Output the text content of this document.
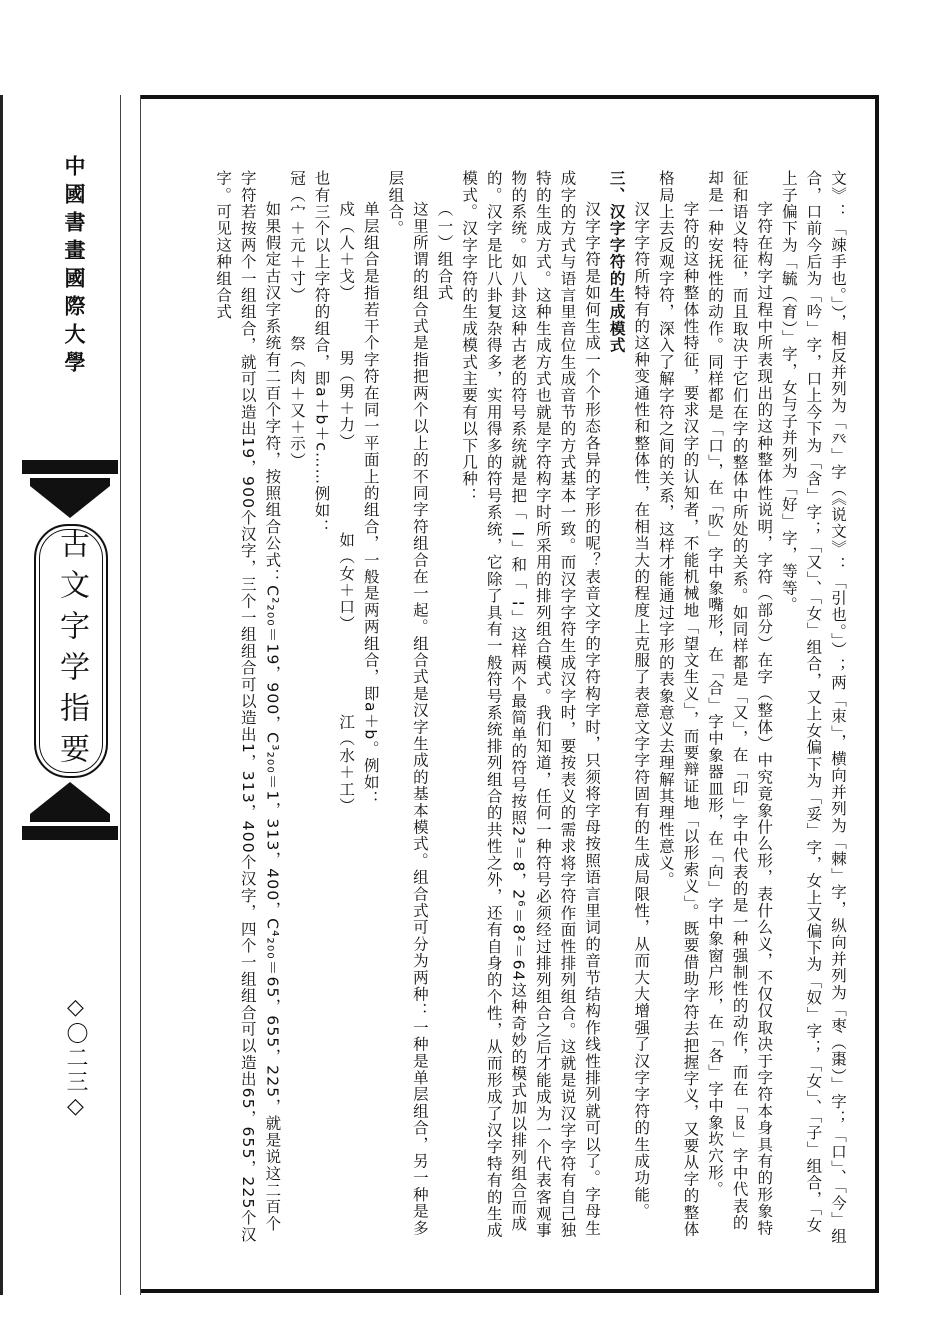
中國書畫國際大學
古文字学指要
◇〇二三◇	文》：「竦手也。」），相反并列为「癶」字（《说文》：「引也。」）；两「朿」，横向并列为「棘」字，纵向并列为「枣（棗）」字；「口」、「今」组合，口前今后为「吟」字，口上今下为「含」字；「又」、「女」组合，又上女偏下为「妥」字，女上又偏下为「奴」字；「女」、「子」组合，「女上子偏下为「毓（育）」字，女与子并列为「好」字，等等。

字符在构字过程中所表现出的这种整体性说明，字符（部分）在字（整体）中究竟象什么形，表什么义，不仅仅取决于字符本身具有的形象特征和语义特征，而且取决于它们在字的整体中所处的关系。如同样都是「又」，在「印」字中代表的是一种强制性的动作，而在「𠬝」字中代表的却是一种安抚性的动作。同样都是「口」，在「吹」字中象嘴形，在「合」字中象器皿形，在「向」字中象窗户形，在「各」字中象坎穴形。

字符的这种整体性特征，要求汉字的认知者，不能机械地「望文生义」，而要辩证地「以形索义」。既要借助字符去把握字义，又要从字的整体格局上去反观字符，深入了解字符之间的关系，这样才能通过字形的表象意义去理解其理性意义。

汉字字符所特有的这种变通性和整体性，在相当大的程度上克服了表意文字字符固有的生成局限性，从而大大增强了汉字字符的生成功能。

三、汉字字符的生成模式

汉字字符是如何生成一个个形态各异的字形的呢？表音文字的字符构字时，只须将字母按照语言里词的音节结构作线性排列就可以了。字母生成字的方式与语言里音位生成音节的方式基本一致。而汉字字符生成汉字时，要按表义的需求将字符作面性排列组合。这就是说汉字字符有自己独特的生成方式。这种生成方式也就是字符构字时所采用的排列组合模式。我们知道，任何一种符号必须经过排列组合之后才能成为一个代表客观事物的系统。如八卦这种古老的符号系统就是把「⚊」和「⚋」这样两个最简单的符号按照2³＝8，2⁶＝8²＝64这种奇妙的模式加以排列组合而成的。汉字是比八卦复杂得多，实用得多的符号系统，它除了具有一般符号系统排列组合的共性之外，还有自身的个性，从而形成了汉字特有的生成模式。汉字字符的生成模式主要有以下几种：

（一）组合式

这里所谓的组合式是指把两个以上的不同字符组合在一起。组合式是汉字生成的基本模式。组合式可分为两种：一种是单层组合，另一种是多层组合。

单层组合是指若干个字符在同一平面上的组合，一般是两两组合，即a＋b。例如：

戍（人＋戈）　　　 男（男＋力）　　　　　 如（女＋口）　　　　　 江（水＋工）

也有三个以上字符的组合，即a＋b＋c……例如：

冠（宀＋元＋寸）　　 祭（肉＋又＋示）

如果假定古汉字系统有二百个字符，按照组合公式：C²₂₀₀＝19，900，C³₂₀₀＝1，313，400，C⁴₂₀₀＝65，655，225，就是说这二百个字符若按两个一组组合，就可以造出19，900个汉字，三个一组组合可以造出1，313，400个汉字，四个一组组合可以造出65，655，225个汉字。可见这种组合式
